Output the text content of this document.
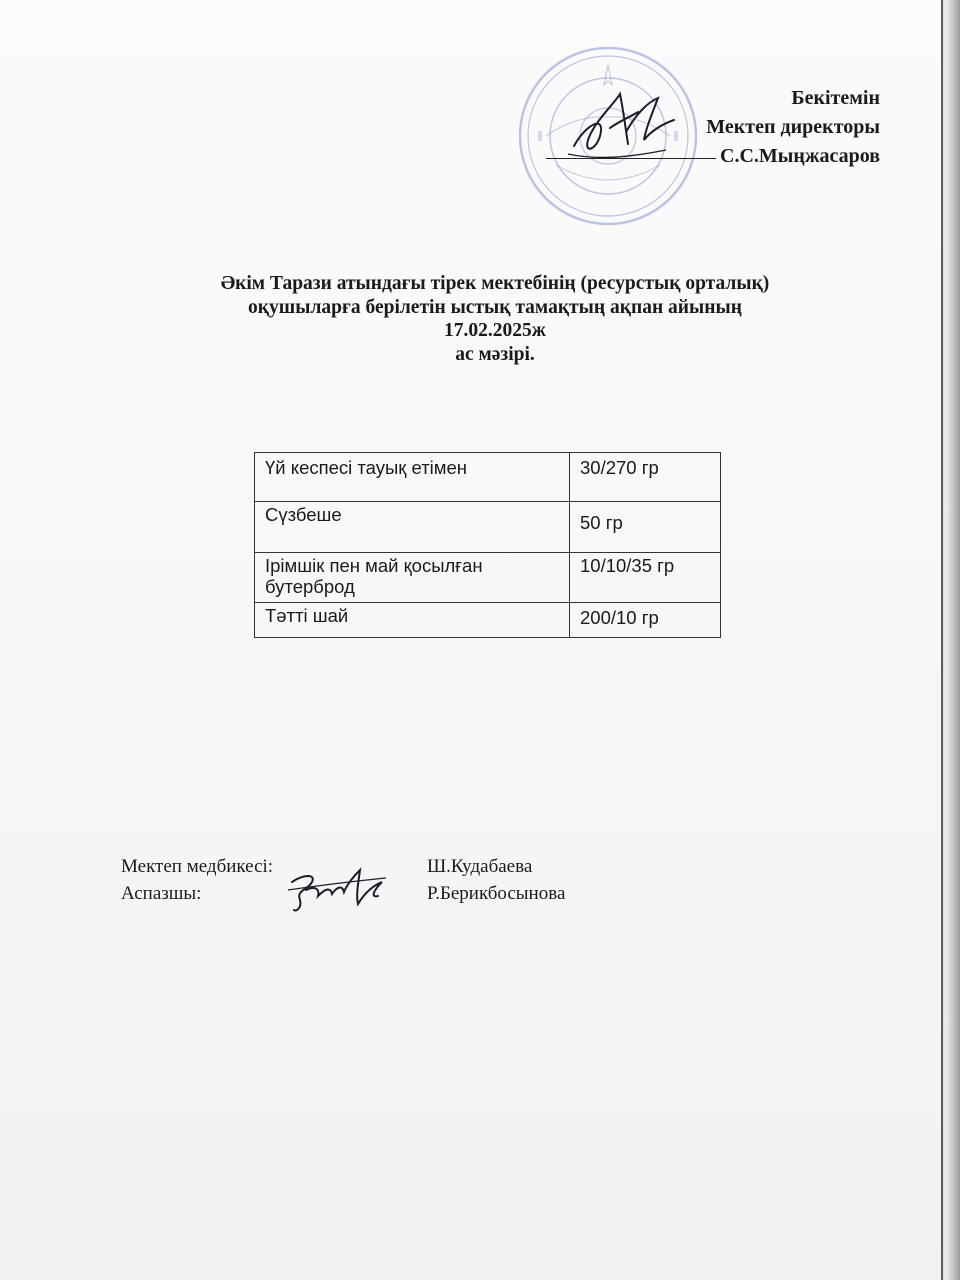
Бекітемін
Мектеп директоры
С.С.Мыңжасаров
Әкім Тарази атындағы тірек мектебінің (ресурстық орталық)
оқушыларға берілетін ыстық тамақтың ақпан айының
17.02.2025ж
ас мәзірі.
Үй кеспесі тауық етімен	30/270 гр
Сүзбеше	50 гр
Ірімшік пен май қосылған бутерброд	10/10/35 гр
Тәтті шай	200/10 гр
Мектеп медбикесі:	Ш.Кудабаева
Аспазшы:	Р.Берикбосынова
